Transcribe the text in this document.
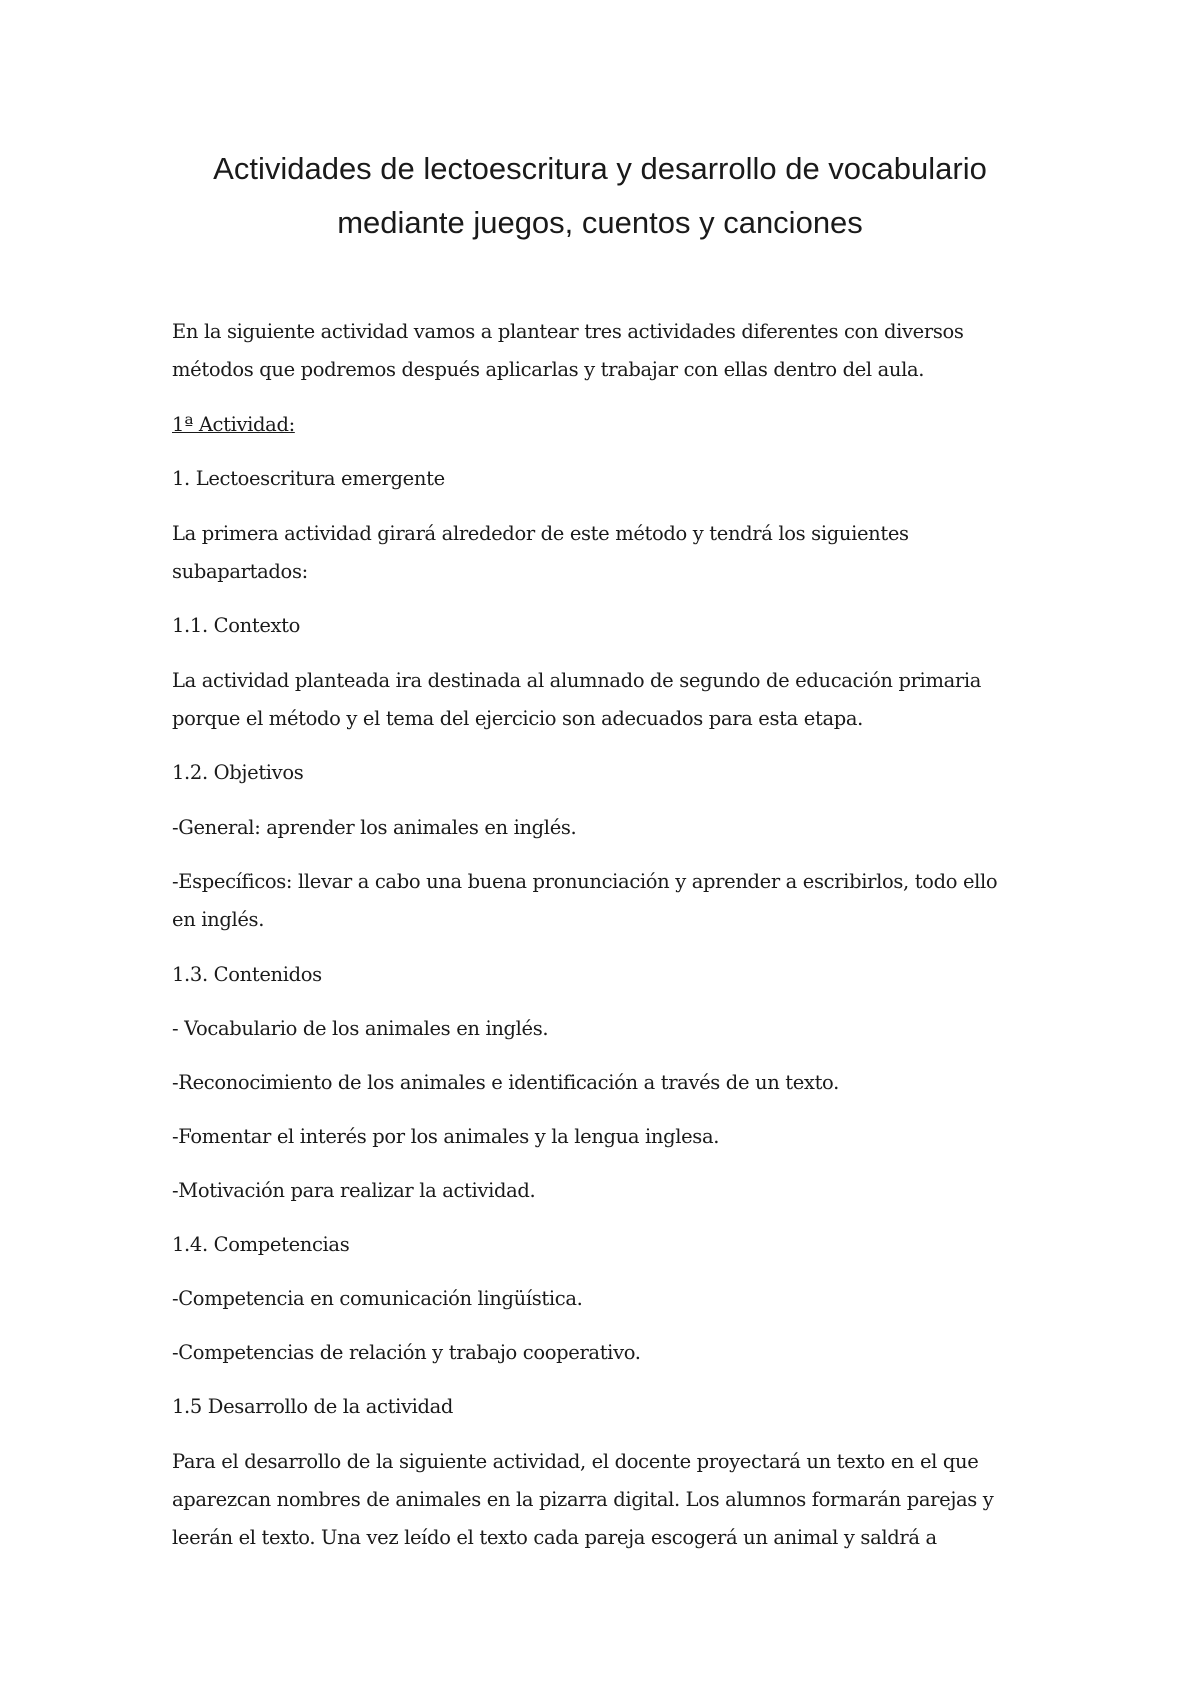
Actividades de lectoescritura y desarrollo de vocabulario
mediante juegos, cuentos y canciones

En la siguiente actividad vamos a plantear tres actividades diferentes con diversos

métodos que podremos después aplicarlas y trabajar con ellas dentro del aula.

1ª Actividad:

1. Lectoescritura emergente

La primera actividad girará alrededor de este método y tendrá los siguientes

subapartados:

1.1. Contexto

La actividad planteada ira destinada al alumnado de segundo de educación primaria

porque el método y el tema del ejercicio son adecuados para esta etapa.

1.2. Objetivos

-General: aprender los animales en inglés.

-Específicos: llevar a cabo una buena pronunciación y aprender a escribirlos, todo ello

en inglés.

1.3. Contenidos

- Vocabulario de los animales en inglés.

-Reconocimiento de los animales e identificación a través de un texto.

-Fomentar el interés por los animales y la lengua inglesa.

-Motivación para realizar la actividad.

1.4. Competencias

-Competencia en comunicación lingüística.

-Competencias de relación y trabajo cooperativo.

1.5 Desarrollo de la actividad

Para el desarrollo de la siguiente actividad, el docente proyectará un texto en el que

aparezcan nombres de animales en la pizarra digital. Los alumnos formarán parejas y

leerán el texto. Una vez leído el texto cada pareja escogerá un animal y saldrá a
